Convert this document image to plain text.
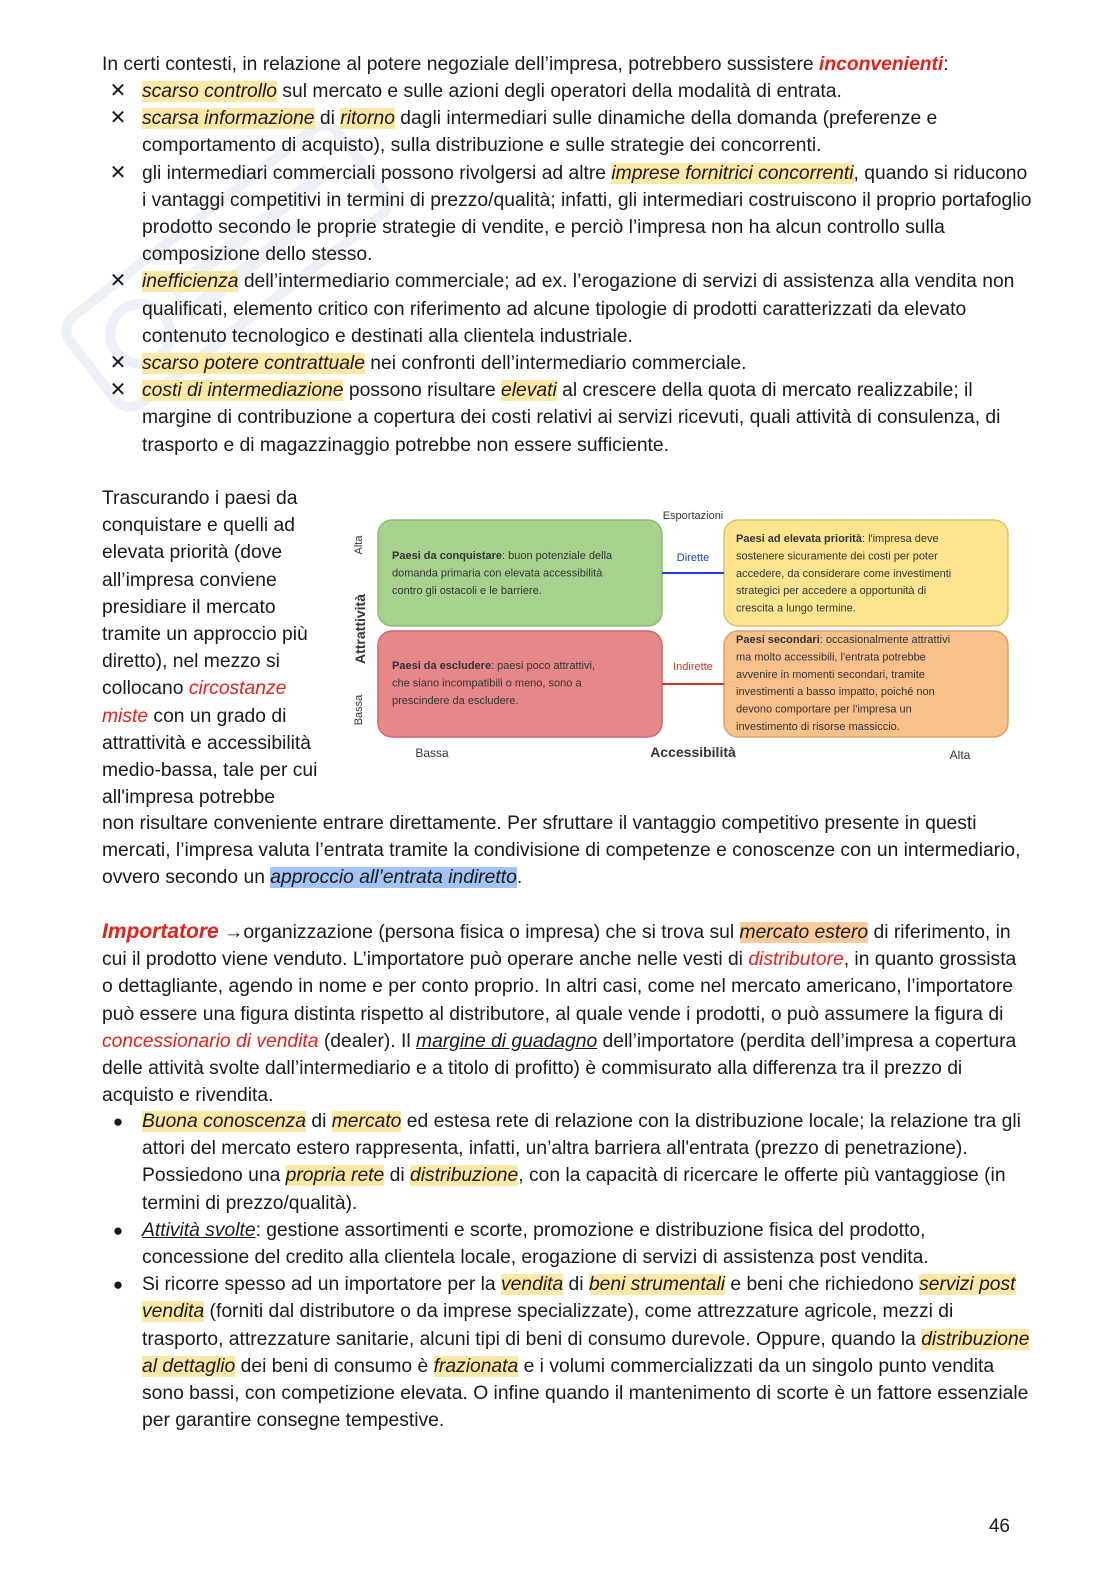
In certi contesti, in relazione al potere negoziale dell’impresa, potrebbero sussistere inconvenienti:

✕ scarso controllo sul mercato e sulle azioni degli operatori della modalità di entrata.
✕ scarsa informazione di ritorno dagli intermediari sulle dinamiche della domanda (preferenze e comportamento di acquisto), sulla distribuzione e sulle strategie dei concorrenti.
✕ gli intermediari commerciali possono rivolgersi ad altre imprese fornitrici concorrenti, quando si riducono i vantaggi competitivi in termini di prezzo/qualità; infatti, gli intermediari costruiscono il proprio portafoglio prodotto secondo le proprie strategie di vendite, e perciò l’impresa non ha alcun controllo sulla composizione dello stesso.
✕ inefficienza dell’intermediario commerciale; ad ex. l’erogazione di servizi di assistenza alla vendita non qualificati, elemento critico con riferimento ad alcune tipologie di prodotti caratterizzati da elevato contenuto tecnologico e destinati alla clientela industriale.
✕ scarso potere contrattuale nei confronti dell’intermediario commerciale.
✕ costi di intermediazione possono risultare elevati al crescere della quota di mercato realizzabile; il margine di contribuzione a copertura dei costi relativi ai servizi ricevuti, quali attività di consulenza, di trasporto e di magazzinaggio potrebbe non essere sufficiente.

Trascurando i paesi da conquistare e quelli ad elevata priorità (dove all’impresa conviene presidiare il mercato tramite un approccio più diretto), nel mezzo si collocano circostanze miste con un grado di attrattività e accessibilità medio-bassa, tale per cui all'impresa potrebbe

Esportazioni
Dirette
Indirette
Attrattività
Alta
Bassa
Accessibilità
Bassa	Alta
Paesi da conquistare: buon potenziale della domanda primaria con elevata accessibilità contro gli ostacoli e le barriere.
Paesi ad elevata priorità: l'impresa deve sostenere sicuramente dei costi per poter accedere, da considerare come investimenti strategici per accedere a opportunità di crescita a lungo termine.
Paesi da escludere: paesi poco attrattivi, che siano incompatibili o meno, sono a prescindere da escludere.
Paesi secondari: occasionalmente attrattivi ma molto accessibili, l'entrata potrebbe avvenire in momenti secondari, tramite investimenti a basso impatto, poiché non devono comportare per l'impresa un investimento di risorse massiccio.

non risultare conveniente entrare direttamente. Per sfruttare il vantaggio competitivo presente in questi mercati, l’impresa valuta l’entrata tramite la condivisione di competenze e conoscenze con un intermediario, ovvero secondo un approccio all’entrata indiretto.

Importatore →organizzazione (persona fisica o impresa) che si trova sul mercato estero di riferimento, in cui il prodotto viene venduto. L’importatore può operare anche nelle vesti di distributore, in quanto grossista o dettagliante, agendo in nome e per conto proprio. In altri casi, come nel mercato americano, l’importatore può essere una figura distinta rispetto al distributore, al quale vende i prodotti, o può assumere la figura di concessionario di vendita (dealer). Il margine di guadagno dell’importatore (perdita dell’impresa a copertura delle attività svolte dall’intermediario e a titolo di profitto) è commisurato alla differenza tra il prezzo di acquisto e rivendita.

● Buona conoscenza di mercato ed estesa rete di relazione con la distribuzione locale; la relazione tra gli attori del mercato estero rappresenta, infatti, un’altra barriera all'entrata (prezzo di penetrazione). Possiedono una propria rete di distribuzione, con la capacità di ricercare le offerte più vantaggiose (in termini di prezzo/qualità).
● Attività svolte: gestione assortimenti e scorte, promozione e distribuzione fisica del prodotto, concessione del credito alla clientela locale, erogazione di servizi di assistenza post vendita.
● Si ricorre spesso ad un importatore per la vendita di beni strumentali e beni che richiedono servizi post vendita (forniti dal distributore o da imprese specializzate), come attrezzature agricole, mezzi di trasporto, attrezzature sanitarie, alcuni tipi di beni di consumo durevole. Oppure, quando la distribuzione al dettaglio dei beni di consumo è frazionata e i volumi commercializzati da un singolo punto vendita sono bassi, con competizione elevata. O infine quando il mantenimento di scorte è un fattore essenziale per garantire consegne tempestive.
46
